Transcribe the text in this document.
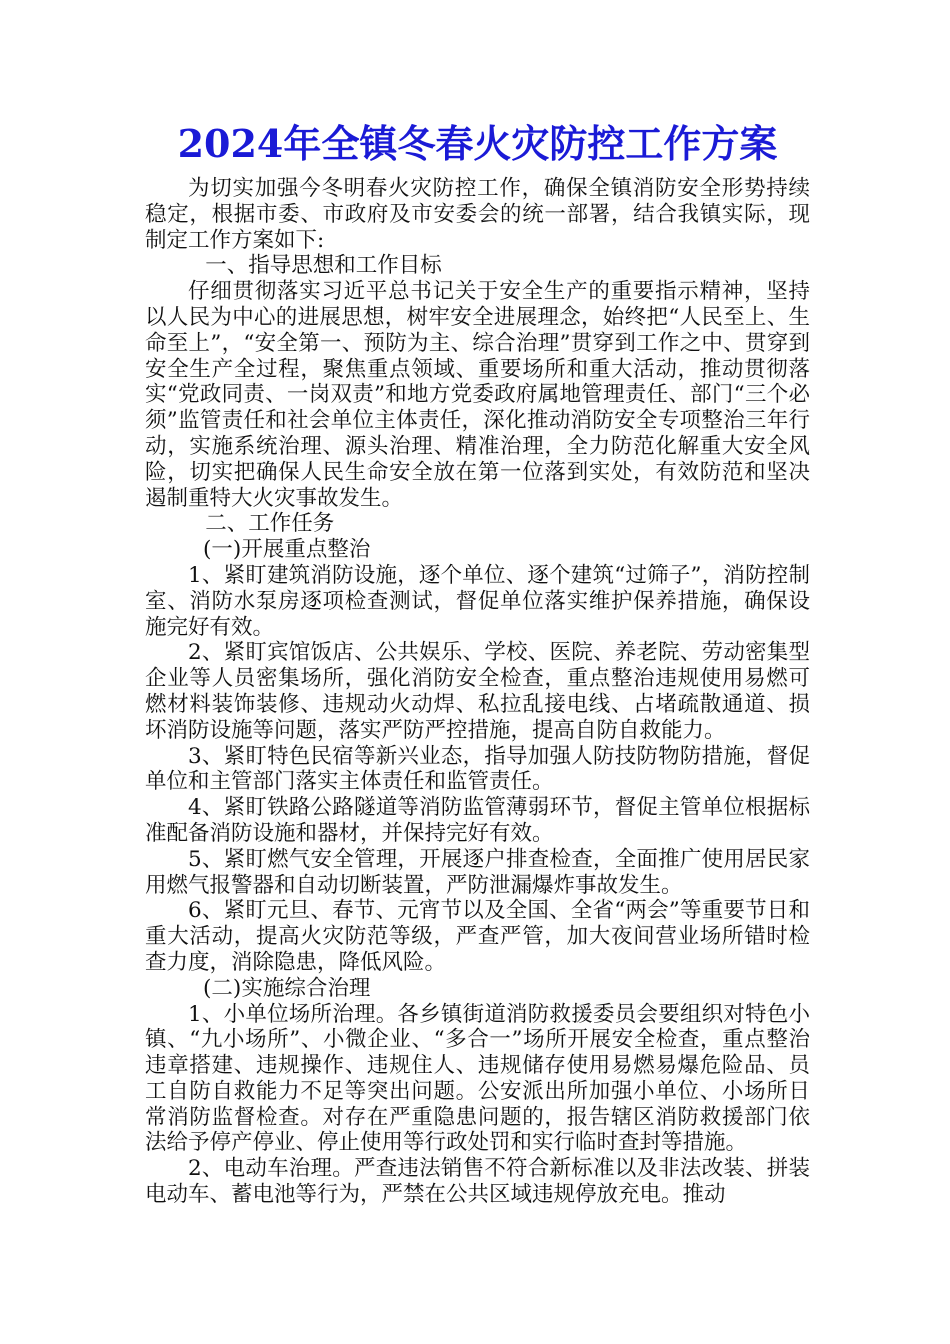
2024年全镇冬春火灾防控工作方案

为切实加强今冬明春火灾防控工作，确保全镇消防安全形势持续稳定，根据市委、市政府及市安委会的统一部署，结合我镇实际，现制定工作方案如下:

一、指导思想和工作目标

仔细贯彻落实习近平总书记关于安全生产的重要指示精神，坚持以人民为中心的进展思想，树牢安全进展理念，始终把“人民至上、生命至上”，“安全第一、预防为主、综合治理”贯穿到工作之中、贯穿到安全生产全过程，聚焦重点领域、重要场所和重大活动，推动贯彻落实“党政同责、一岗双责”和地方党委政府属地管理责任、部门“三个必须”监管责任和社会单位主体责任，深化推动消防安全专项整治三年行动，实施系统治理、源头治理、精准治理，全力防范化解重大安全风险，切实把确保人民生命安全放在第一位落到实处，有效防范和坚决遏制重特大火灾事故发生。

二、工作任务

(一)开展重点整治

1、紧盯建筑消防设施，逐个单位、逐个建筑“过筛子”，消防控制室、消防水泵房逐项检查测试，督促单位落实维护保养措施，确保设施完好有效。

2、紧盯宾馆饭店、公共娱乐、学校、医院、养老院、劳动密集型企业等人员密集场所，强化消防安全检查，重点整治违规使用易燃可燃材料装饰装修、违规动火动焊、私拉乱接电线、占堵疏散通道、损坏消防设施等问题，落实严防严控措施，提高自防自救能力。

3、紧盯特色民宿等新兴业态，指导加强人防技防物防措施，督促单位和主管部门落实主体责任和监管责任。

4、紧盯铁路公路隧道等消防监管薄弱环节，督促主管单位根据标准配备消防设施和器材，并保持完好有效。

5、紧盯燃气安全管理，开展逐户排查检查，全面推广使用居民家用燃气报警器和自动切断装置，严防泄漏爆炸事故发生。

6、紧盯元旦、春节、元宵节以及全国、全省“两会”等重要节日和重大活动，提高火灾防范等级，严查严管，加大夜间营业场所错时检查力度，消除隐患，降低风险。

(二)实施综合治理

1、小单位场所治理。各乡镇街道消防救援委员会要组织对特色小镇、“九小场所”、小微企业、“多合一”场所开展安全检查，重点整治违章搭建、违规操作、违规住人、违规储存使用易燃易爆危险品、员工自防自救能力不足等突出问题。公安派出所加强小单位、小场所日常消防监督检查。对存在严重隐患问题的，报告辖区消防救援部门依法给予停产停业、停止使用等行政处罚和实行临时查封等措施。

2、电动车治理。严查违法销售不符合新标准以及非法改装、拼装电动车、蓄电池等行为，严禁在公共区域违规停放充电。推动
